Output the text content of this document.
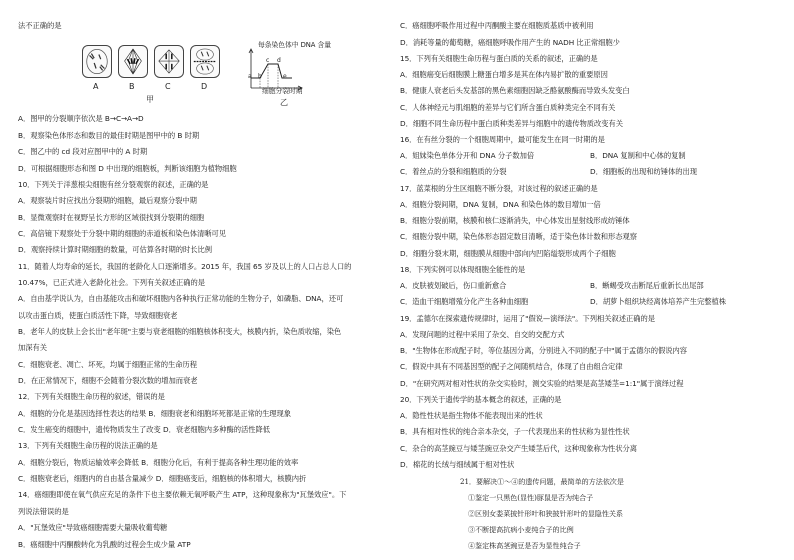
法不正确的是
A	B	C	D
甲
每条染色体中 DNA 含量
a b
c d
e
细胞分裂时期
乙
A．图甲的分裂顺序依次是 B→C→A→D
B．观察染色体形态和数目的最佳时期是图甲中的 B 时期
C．图乙中的 cd 段对应图甲中的 A 时期
D．可根据细胞形态和图 D 中出现的细胞板，判断该细胞为植物细胞
10．下列关于洋葱根尖细胞有丝分裂观察的叙述，正确的是
A．观察装片时应找出分裂期的细胞，最后观察分裂中期
B．显微观察时在视野呈长方形的区域很找到分裂期的细胞
C．高倍镜下观察处于分裂中期的细胞的赤道板和染色体清晰可见
D．观察持续计算时期细胞的数量，可估算各时期的时长比例
11．随着人均寿命的延长，我国的老龄化人口逐渐增多。2015 年，我国 65 岁及以上的人口占总人口的
10.47%，已正式进入老龄化社会。下列有关叙述正确的是
A．自由基学说认为，自由基能攻击和破坏细胞内各种执行正常功能的生物分子，如磷脂、DNA，还可
以攻击蛋白质，使蛋白质活性下降，导致细胞衰老
B．老年人的皮肤上会长出"老年斑"主要与衰老细胞的细胞核体积变大，核膜内折，染色质收缩，染色
加深有关
C．细胞衰老、凋亡、坏死，均属于细胞正常的生命历程
D．在正常情况下，细胞不会随着分裂次数的增加而衰老
12．下列有关细胞生命历程的叙述，错误的是
A．细胞的分化是基因选择性表达的结果 B．细胞衰老和细胞坏死都是正常的生理现象
C．发生癌变的细胞中，遗传物质发生了改变 D．衰老细胞内多种酶的活性降低
13．下列有关细胞生命历程的说法正确的是
A．细胞分裂后，物质运输效率会降低 B．细胞分化后，有利于提高各种生理功能的效率
C．细胞衰老后，细胞内的自由基含量减少 D．细胞癌变后，细胞核的体积增大，核膜内折
14．癌细胞即使在氧气供应充足的条件下也主要依赖无氧呼吸产生 ATP，这种现象称为"瓦堡效应"。下
列说法错误的是
A．"瓦堡效应"导致癌细胞需要大量吸收葡萄糖
B．癌细胞中丙酮酸转化为乳酸的过程会生成少量 ATP
C．癌细胞呼吸作用过程中丙酮酸主要在细胞质基质中被利用
D．消耗等量的葡萄糖，癌细胞呼吸作用产生的 NADH 比正常细胞少
15．下列有关细胞生命历程与蛋白质的关系的叙述，正确的是
A．细胞癌变后细胞膜上糖蛋白增多是其在体内易扩散的重要原因
B．健康人衰老后头发基部的黑色素细胞因缺乏酪氨酸酶而导致头发变白
C．人体神经元与肌细胞的差异与它们所含蛋白质种类完全不同有关
D．细胞不同生命历程中蛋白质种类差异与细胞中的遗传物质改变有关
16．在有丝分裂的一个细胞周期中，最可能发生在同一时期的是
A．姐妹染色单体分开和 DNA 分子数加倍	B．DNA 复制和中心体的复制
C．着丝点的分裂和细胞质的分裂	D．细胞板的出现和纺锤体的出现
17．蓝菜根的分生区细胞不断分裂，对该过程的叙述正确的是
A．细胞分裂间期，DNA 复制，DNA 和染色体的数目增加一倍
B．细胞分裂前期，核膜和核仁逐渐消失，中心体发出星射线形成纺锤体
C．细胞分裂中期，染色体形态固定数目清晰，适于染色体计数和形态观察
D．细胞分裂末期，细胞膜从细胞中部向内凹陷缢裂形成两个子细胞
18．下列实例可以体现细胞全能性的是
A．皮肤被划破后，伤口重新愈合	B．蜥蜴受攻击断尾后重新长出尾部
C．造血干细胞增殖分化产生各种血细胞	D．胡萝卜组织块经离体培养产生完整植株
19．孟德尔在探索遗传规律时，运用了"假说—演绎法"。下列相关叙述正确的是
A．发现问题的过程中采用了杂交、自交的交配方式
B．"生物体在形成配子时，等位基因分离，分别进入不同的配子中"属于孟德尔的假说内容
C．假说中具有不同基因型的配子之间随机结合，体现了自由组合定律
D．"在研究两对相对性状的杂交实验时，测交实验的结果是高茎矮茎=1:1"属于演绎过程
20．下列关于遗传学的基本概念的叙述，正确的是
A．隐性性状是指生物体不能表现出来的性状
B．具有相对性状的纯合亲本杂交，子一代表现出来的性状称为显性性状
C．杂合的高茎豌豆与矮茎豌豆杂交产生矮茎后代，这种现象称为性状分离
D．棉花的长绒与细绒属于相对性状
21．要解决①～④的遗传问题，最简单的方法依次是
①鉴定一只黑色(显性)豚鼠是否为纯合子
②区别女娄菜披针形叶和狭披针形叶的显隐性关系
③不断提高抗病小麦纯合子的比例
④鉴定株高茎豌豆是否为显性纯合子
